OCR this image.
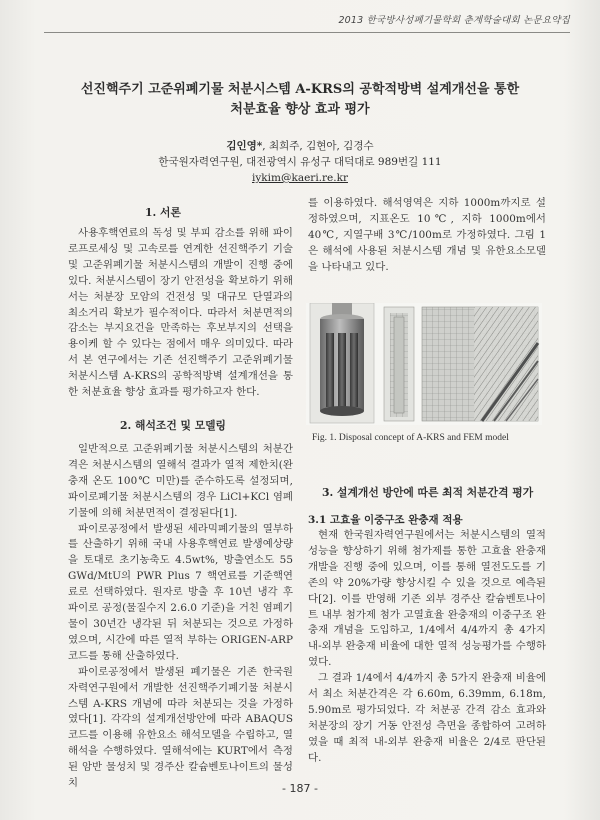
2013 한국방사성폐기물학회 춘계학술대회 논문요약집
선진핵주기 고준위폐기물 처분시스템 A-KRS의 공학적방벽 설계개선을 통한
처분효율 향상 효과 평가
김인영*, 최희주, 김현아, 김경수
한국원자력연구원, 대전광역시 유성구 대덕대로 989번길 111
iykim@kaeri.re.kr
1. 서론

사용후핵연료의 독성 및 부피 감소를 위해 파이로프로세싱 및 고속로를 연계한 선진핵주기 기술 및 고준위폐기물 처분시스템의 개발이 진행 중에 있다. 처분시스템이 장기 안전성을 확보하기 위해서는 처분장 모암의 건전성 및 대규모 단열과의 최소거리 확보가 필수적이다. 따라서 처분면적의 감소는 부지요건을 만족하는 후보부지의 선택을 용이케 할 수 있다는 점에서 매우 의미있다. 따라서 본 연구에서는 기존 선진핵주기 고준위폐기물 처분시스템 A-KRS의 공학적방벽 설계개선을 통한 처분효율 향상 효과를 평가하고자 한다.

2. 해석조건 및 모델링

일반적으로 고준위폐기물 처분시스템의 처분간격은 처분시스템의 열해석 결과가 열적 제한치(완충재 온도 100℃ 미만)를 준수하도록 설정되며, 파이로폐기물 처분시스템의 경우 LiCl+KCl 염폐기물에 의해 처분면적이 결정된다[1].

파이로공정에서 발생된 세라믹폐기물의 열부하를 산출하기 위해 국내 사용후핵연료 발생예상량을 토대로 초기농축도 4.5wt%, 방출연소도 55 GWd/MtU의 PWR Plus 7 핵연료를 기준핵연료로 선택하였다. 원자로 방출 후 10년 냉각 후 파이로 공정(물질수지 2.6.0 기준)을 거친 염폐기물이 30년간 냉각된 뒤 처분되는 것으로 가정하였으며, 시간에 따른 열적 부하는 ORIGEN-ARP 코드를 통해 산출하였다.

파이로공정에서 발생된 폐기물은 기존 한국원자력연구원에서 개발한 선진핵주기폐기물 처분시스템 A-KRS 개념에 따라 처분되는 것을 가정하였다[1]. 각각의 설계개선방안에 따라 ABAQUS 코드를 이용해 유한요소 해석모델을 수립하고, 열해석을 수행하였다. 열해석에는 KURT에서 측정된 암반 물성치 및 경주산 칼슘벤토나이트의 물성치

를 이용하였다. 해석영역은 지하 1000m까지로 설정하였으며, 지표온도 10℃, 지하 1000m에서 40℃, 지열구배 3℃/100m로 가정하였다. 그림 1은 해석에 사용된 처분시스템 개념 및 유한요소모델을 나타내고 있다.

Fig. 1. Disposal concept of A-KRS and FEM model
3. 설계개선 방안에 따른 최적 처분간격 평가
3.1 고효율 이중구조 완충재 적용

현재 한국원자력연구원에서는 처분시스템의 열적성능을 향상하기 위해 첨가제를 통한 고효율 완충재 개발을 진행 중에 있으며, 이를 통해 열전도도를 기존의 약 20%가량 향상시킬 수 있을 것으로 예측된다[2]. 이를 반영해 기존 외부 경주산 칼슘벤토나이트 내부 첨가제 첨가 고열효율 완충재의 이중구조 완충재 개념을 도입하고, 1/4에서 4/4까지 총 4가지 내-외부 완충재 비율에 대한 열적 성능평가를 수행하였다.

그 결과 1/4에서 4/4까지 총 5가지 완충재 비율에서 최소 처분간격은 각 6.60m, 6.39mm, 6.18m, 5.90m로 평가되었다. 각 처분공 간격 감소 효과와 처분장의 장기 거동 안전성 측면을 종합하여 고려하였을 때 최적 내-외부 완충재 비율은 2/4로 판단된다.

- 187 -
